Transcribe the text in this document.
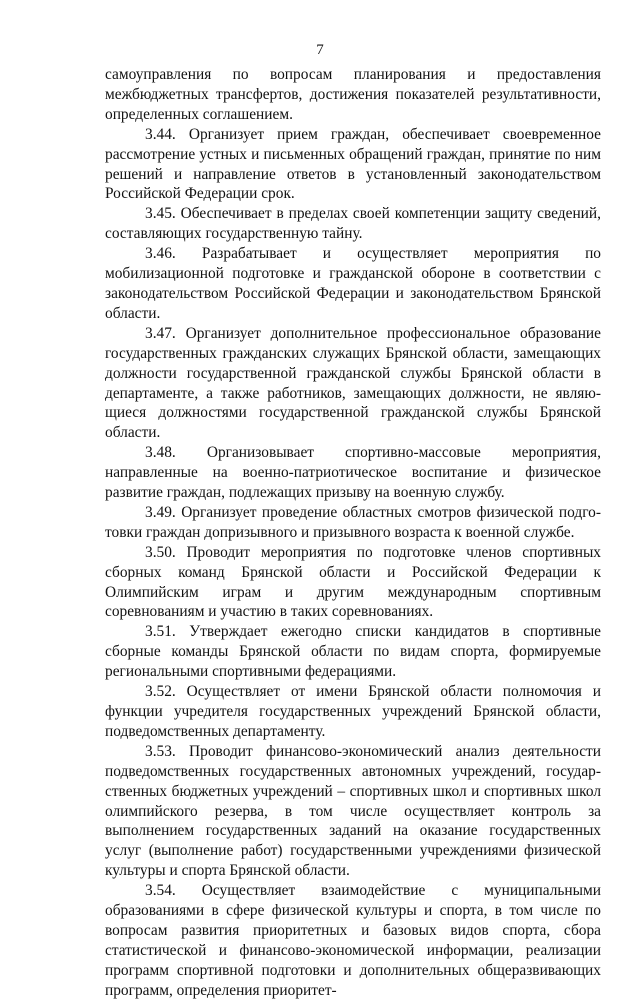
7

самоуправления по вопросам планирования и предоставления межбюджетных трансфертов, достижения показателей результативности, определенных соглашением.

3.44. Организует прием граждан, обеспечивает своевременное рассмотрение устных и письменных обращений граждан, принятие по ним решений и направление ответов в установленный законодательством Российской Федерации срок.

3.45. Обеспечивает в пределах своей компетенции защиту сведений, составляющих государственную тайну.

3.46. Разрабатывает и осуществляет мероприятия по мобилизационной подготовке и гражданской обороне в соответствии с законодательством Российской Федерации и законодательством Брянской области.

3.47. Организует дополнительное профессиональное образование государственных гражданских служащих Брянской области, замещающих должности государственной гражданской службы Брянской области в департаменте, а также работников, замещающих должности, не являющиеся должностями государственной гражданской службы Брянской области.

3.48. Организовывает спортивно-массовые мероприятия, направленные на военно-патриотическое воспитание и физическое развитие граждан, подлежащих призыву на военную службу.

3.49. Организует проведение областных смотров физической подготовки граждан допризывного и призывного возраста к военной службе.

3.50. Проводит мероприятия по подготовке членов спортивных сборных команд Брянской области и Российской Федерации к Олимпийским играм и другим международным спортивным соревнованиям и участию в таких соревнованиях.

3.51. Утверждает ежегодно списки кандидатов в спортивные сборные команды Брянской области по видам спорта, формируемые региональными спортивными федерациями.

3.52. Осуществляет от имени Брянской области полномочия и функции учредителя государственных учреждений Брянской области, подведомственных департаменту.

3.53. Проводит финансово-экономический анализ деятельности подведомственных государственных автономных учреждений, государственных бюджетных учреждений – спортивных школ и спортивных школ олимпийского резерва, в том числе осуществляет контроль за выполнением государственных заданий на оказание государственных услуг (выполнение работ) государственными учреждениями физической культуры и спорта Брянской области.

3.54. Осуществляет взаимодействие с муниципальными образованиями в сфере физической культуры и спорта, в том числе по вопросам развития приоритетных и базовых видов спорта, сбора статистической и финансово-экономической информации, реализации программ спортивной подготовки и дополнительных общеразвивающих программ, определения приоритет-
